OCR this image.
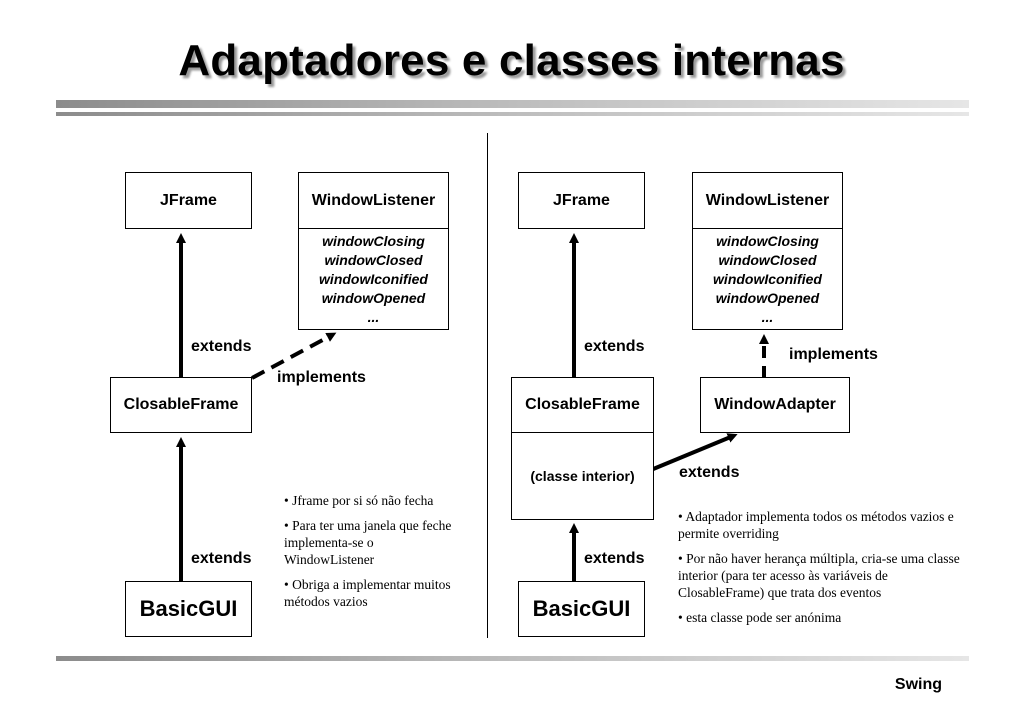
Adaptadores e classes internas
JFrame	WindowListener
windowClosing
windowClosed
windowIconified
windowOpened
...
extends
implements
ClosableFrame
extends
BasicGUI
• Jframe por si só não fecha
• Para ter uma janela que feche implementa-se o WindowListener
• Obriga a implementar muitos métodos vazios
JFrame	WindowListener
windowClosing
windowClosed
windowIconified
windowOpened
...
extends	implements
ClosableFrame
(classe interior)
WindowAdapter
extends
extends
BasicGUI
• Adaptador implementa todos os métodos vazios e permite overriding
• Por não haver herança múltipla, cria-se uma classe interior (para ter acesso às variáveis de ClosableFrame) que trata dos eventos
• esta classe pode ser anónima
Swing
